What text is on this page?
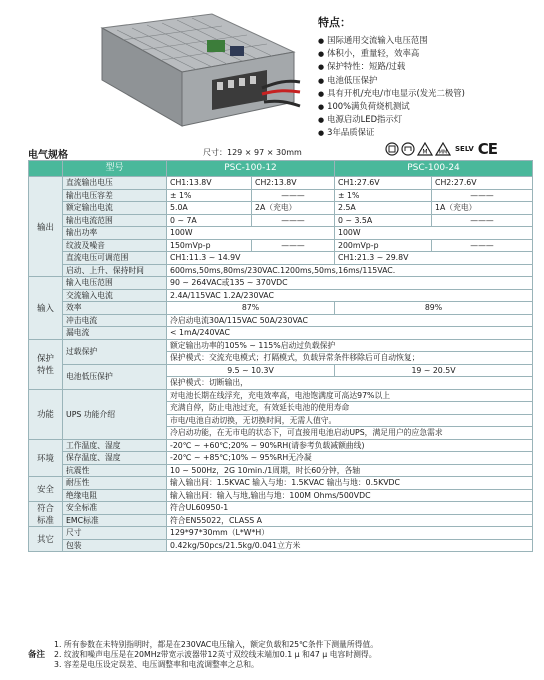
特点：
● 国际通用交流输入电压范围
● 体积小，重量轻，效率高
● 保护特性：短路/过载
● 电池低压保护
● 具有开机/充电/市电显示(发光二极管)
● 100%满负荷烧机测试
● 电源启动LED指示灯
● 3年品质保证
电气规格	尺寸：129 × 97 × 30mm	M MM SELV CE
	型号	PSC-100-12		PSC-100-24	
输出	直流输出电压	CH1:13.8V	CH2:13.8V	CH1:27.6V	CH2:27.6V
	输出电压容差	± 1%	———	± 1%	———
	额定输出电流	5.0A	2A（充电）	2.5A	1A（充电）
	输出电流范围	0 ~ 7A	———	0 ~ 3.5A	———
	输出功率	100W		100W	
	纹波及噪音	150mVp-p	———	200mVp-p	———
	直流电压可调范围	CH1:11.3 ~ 14.9V		CH1:21.3 ~ 29.8V	
	启动、上升、保持时间	600ms,50ms,80ms/230VAC.1200ms,50ms,16ms/115VAC.			
输入	输入电压范围	90 ~ 264VAC或135 ~ 370VDC			
	交流输入电流	2.4A/115VAC 1.2A/230VAC			
	效率	87%		89%	
	冲击电流	冷启动电流30A/115VAC 50A/230VAC			
	漏电流	< 1mA/240VAC			
保护
特性	过载保护	额定输出功率的105% ~ 115%启动过负载保护			
		保护模式：交流充电模式；打隔模式，负载异常条件移除后可自动恢复；			
	电池低压保护	9.5 ~ 10.3V		19 ~ 20.5V	
		保护模式：切断输出，			
功能	UPS 功能介绍	对电池长期在线浮充，充电效率高，电池饱满度可高达97%以上			
		充满自停，防止电池过充，有效延长电池的使用寿命			
		市电/电池自动切换，无切换时间，无需人值守。			
		冷启动功能，在无市电的状态下，可直接用电池启动UPS，满足用户的应急需求			
环境	工作温度、湿度	-20℃ ~ +60℃;20% ~ 90%RH(请参考负载减额曲线)			
	保存温度、湿度	-20℃ ~ +85℃;10% ~ 95%RH无冷凝			
	抗震性	10 ~ 500Hz，2G 10min./1周期，时长60分钟，各轴			
安全	耐压性	输入输出间：1.5KVAC 输入与地：1.5KVAC 输出与地：0.5KVDC			
	绝缘电阻	输入输出间：输入与地,输出与地：100M Ohms/500VDC			
符合
标准	安全标准	符合UL60950-1			
	EMC标准	符合EN55022，CLASS A			
其它	尺寸	129*97*30mm（L*W*H）			
	包装	0.42kg/50pcs/21.5kg/0.041立方米			
备注
1. 所有参数在未特别指明时，都是在230VAC电压输入，额定负载和25℃条件下测量所得值。
2. 纹波和噪声电压是在20MHz带宽示波器带12英寸双绞线末端加0.1 μ 和47 μ 电容时测得。
3. 容差是电压设定误差、电压调整率和电流调整率之总和。
